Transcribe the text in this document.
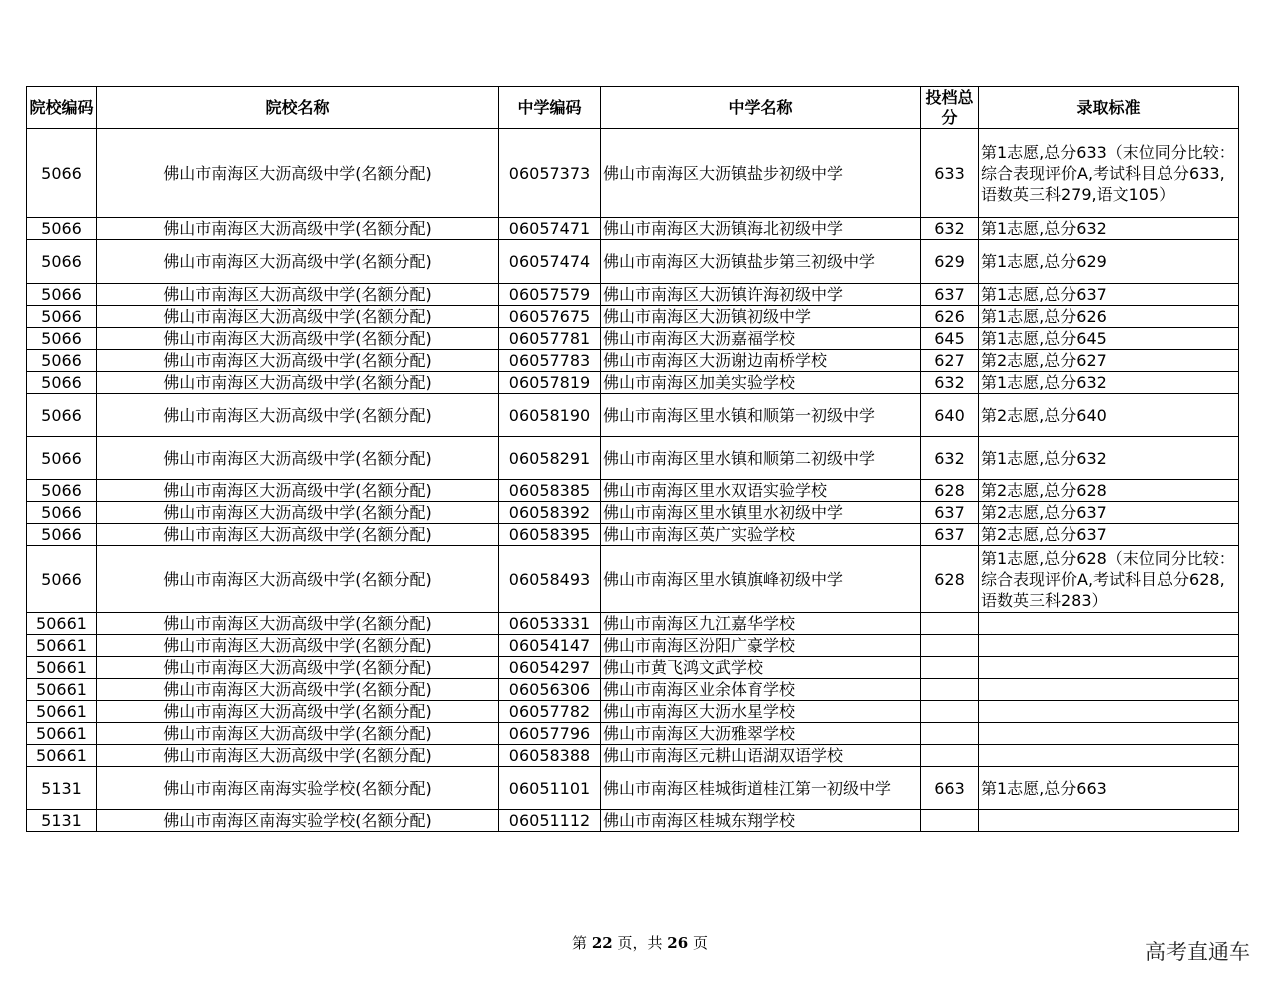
院校编码	院校名称	中学编码	中学名称	投档总分	录取标准
5066	佛山市南海区大沥高级中学(名额分配)	06057373	佛山市南海区大沥镇盐步初级中学	633	第1志愿,总分633（末位同分比较：综合表现评价A,考试科目总分633,语数英三科279,语文105）
5066	佛山市南海区大沥高级中学(名额分配)	06057471	佛山市南海区大沥镇海北初级中学	632	第1志愿,总分632
5066	佛山市南海区大沥高级中学(名额分配)	06057474	佛山市南海区大沥镇盐步第三初级中学	629	第1志愿,总分629
5066	佛山市南海区大沥高级中学(名额分配)	06057579	佛山市南海区大沥镇许海初级中学	637	第1志愿,总分637
5066	佛山市南海区大沥高级中学(名额分配)	06057675	佛山市南海区大沥镇初级中学	626	第1志愿,总分626
5066	佛山市南海区大沥高级中学(名额分配)	06057781	佛山市南海区大沥嘉福学校	645	第1志愿,总分645
5066	佛山市南海区大沥高级中学(名额分配)	06057783	佛山市南海区大沥谢边南桥学校	627	第2志愿,总分627
5066	佛山市南海区大沥高级中学(名额分配)	06057819	佛山市南海区加美实验学校	632	第1志愿,总分632
5066	佛山市南海区大沥高级中学(名额分配)	06058190	佛山市南海区里水镇和顺第一初级中学	640	第2志愿,总分640
5066	佛山市南海区大沥高级中学(名额分配)	06058291	佛山市南海区里水镇和顺第二初级中学	632	第1志愿,总分632
5066	佛山市南海区大沥高级中学(名额分配)	06058385	佛山市南海区里水双语实验学校	628	第2志愿,总分628
5066	佛山市南海区大沥高级中学(名额分配)	06058392	佛山市南海区里水镇里水初级中学	637	第2志愿,总分637
5066	佛山市南海区大沥高级中学(名额分配)	06058395	佛山市南海区英广实验学校	637	第2志愿,总分637
5066	佛山市南海区大沥高级中学(名额分配)	06058493	佛山市南海区里水镇旗峰初级中学	628	第1志愿,总分628（末位同分比较：综合表现评价A,考试科目总分628,语数英三科283）
50661	佛山市南海区大沥高级中学(名额分配)	06053331	佛山市南海区九江嘉华学校		
50661	佛山市南海区大沥高级中学(名额分配)	06054147	佛山市南海区汾阳广豪学校		
50661	佛山市南海区大沥高级中学(名额分配)	06054297	佛山市黄飞鸿文武学校		
50661	佛山市南海区大沥高级中学(名额分配)	06056306	佛山市南海区业余体育学校		
50661	佛山市南海区大沥高级中学(名额分配)	06057782	佛山市南海区大沥水星学校		
50661	佛山市南海区大沥高级中学(名额分配)	06057796	佛山市南海区大沥雅翠学校		
50661	佛山市南海区大沥高级中学(名额分配)	06058388	佛山市南海区元耕山语湖双语学校		
5131	佛山市南海区南海实验学校(名额分配)	06051101	佛山市南海区桂城街道桂江第一初级中学	663	第1志愿,总分663
5131	佛山市南海区南海实验学校(名额分配)	06051112	佛山市南海区桂城东翔学校		
第 22 页，共 26 页	高考直通车
